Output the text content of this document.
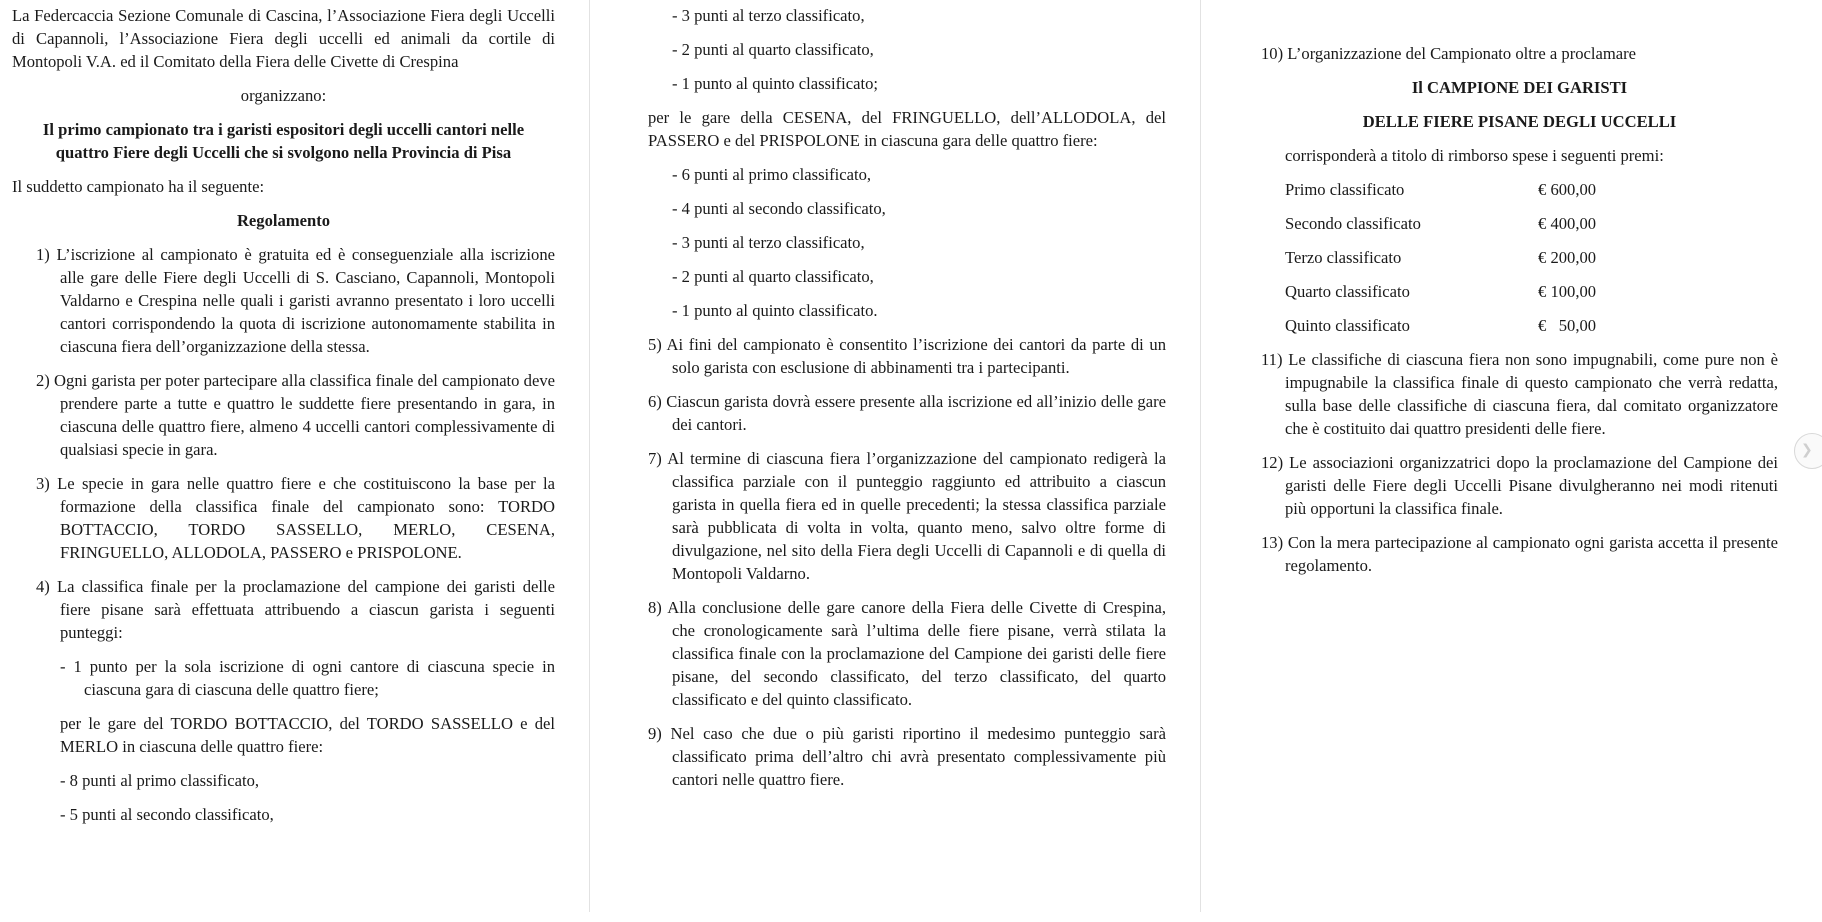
La Federcaccia Sezione Comunale di Cascina, l’Associazione Fiera degli Uccelli di Capannoli, l’Associazione Fiera degli uccelli ed animali da cortile di Montopoli V.A. ed il Comitato della Fiera delle Civette di Crespina

organizzano:

Il primo campionato tra i garisti espositori degli uccelli cantori nelle quattro Fiere degli Uccelli che si svolgono nella Provincia di Pisa

Il suddetto campionato ha il seguente:

Regolamento

1) L’iscrizione al campionato è gratuita ed è conseguenziale alla iscrizione alle gare delle Fiere degli Uccelli di S. Casciano, Capannoli, Montopoli Valdarno e Crespina nelle quali i garisti avranno presentato i loro uccelli cantori corrispondendo la quota di iscrizione autonomamente stabilita in ciascuna fiera dell’organizzazione della stessa.

2) Ogni garista per poter partecipare alla classifica finale del campionato deve prendere parte a tutte e quattro le suddette fiere presentando in gara, in ciascuna delle quattro fiere, almeno 4 uccelli cantori complessivamente di qualsiasi specie in gara.

3) Le specie in gara nelle quattro fiere e che costituiscono la base per la formazione della classifica finale del campionato sono: TORDO BOTTACCIO, TORDO SASSELLO, MERLO, CESENA, FRINGUELLO, ALLODOLA, PASSERO e PRISPOLONE.

4) La classifica finale per la proclamazione del campione dei garisti delle fiere pisane sarà effettuata attribuendo a ciascun garista i seguenti punteggi:

- 1 punto per la sola iscrizione di ogni cantore di ciascuna specie in ciascuna gara di ciascuna delle quattro fiere;

per le gare del TORDO BOTTACCIO, del TORDO SASSELLO e del MERLO in ciascuna delle quattro fiere:

- 8 punti al primo classificato,

- 5 punti al secondo classificato,

- 3 punti al terzo classificato,

- 2 punti al quarto classificato,

- 1 punto al quinto classificato;

per le gare della CESENA, del FRINGUELLO, dell’ALLODOLA, del PASSERO e del PRISPOLONE in ciascuna gara delle quattro fiere:

- 6 punti al primo classificato,

- 4 punti al secondo classificato,

- 3 punti al terzo classificato,

- 2 punti al quarto classificato,

- 1 punto al quinto classificato.

5) Ai fini del campionato è consentito l’iscrizione dei cantori da parte di un solo garista con esclusione di abbinamenti tra i partecipanti.

6) Ciascun garista dovrà essere presente alla iscrizione ed all’inizio delle gare dei cantori.

7) Al termine di ciascuna fiera l’organizzazione del campionato redigerà la classifica parziale con il punteggio raggiunto ed attribuito a ciascun garista in quella fiera ed in quelle precedenti; la stessa classifica parziale sarà pubblicata di volta in volta, quanto meno, salvo oltre forme di divulgazione, nel sito della Fiera degli Uccelli di Capannoli e di quella di Montopoli Valdarno.

8) Alla conclusione delle gare canore della Fiera delle Civette di Crespina, che cronologicamente sarà l’ultima delle fiere pisane, verrà stilata la classifica finale con la proclamazione del Campione dei garisti delle fiere pisane, del secondo classificato, del terzo classificato, del quarto classificato e del quinto classificato.

9) Nel caso che due o più garisti riportino il medesimo punteggio sarà classificato prima dell’altro chi avrà presentato complessivamente più cantori nelle quattro fiere.

10) L’organizzazione del Campionato oltre a proclamare

Il CAMPIONE DEI GARISTI

DELLE FIERE PISANE DEGLI UCCELLI

corrisponderà a titolo di rimborso spese i seguenti premi:

Primo classificato	€ 600,00
Secondo classificato	€ 400,00
Terzo classificato	€ 200,00
Quarto classificato	€ 100,00
Quinto classificato	€   50,00

11) Le classifiche di ciascuna fiera non sono impugnabili, come pure non è impugnabile la classifica finale di questo campionato che verrà redatta, sulla base delle classifiche di ciascuna fiera, dal comitato organizzatore che è costituito dai quattro presidenti delle fiere.

12) Le associazioni organizzatrici dopo la proclamazione del Campione dei garisti delle Fiere degli Uccelli Pisane divulgheranno nei modi ritenuti più opportuni la classifica finale.

13) Con la mera partecipazione al campionato ogni garista accetta il presente regolamento.

❯
